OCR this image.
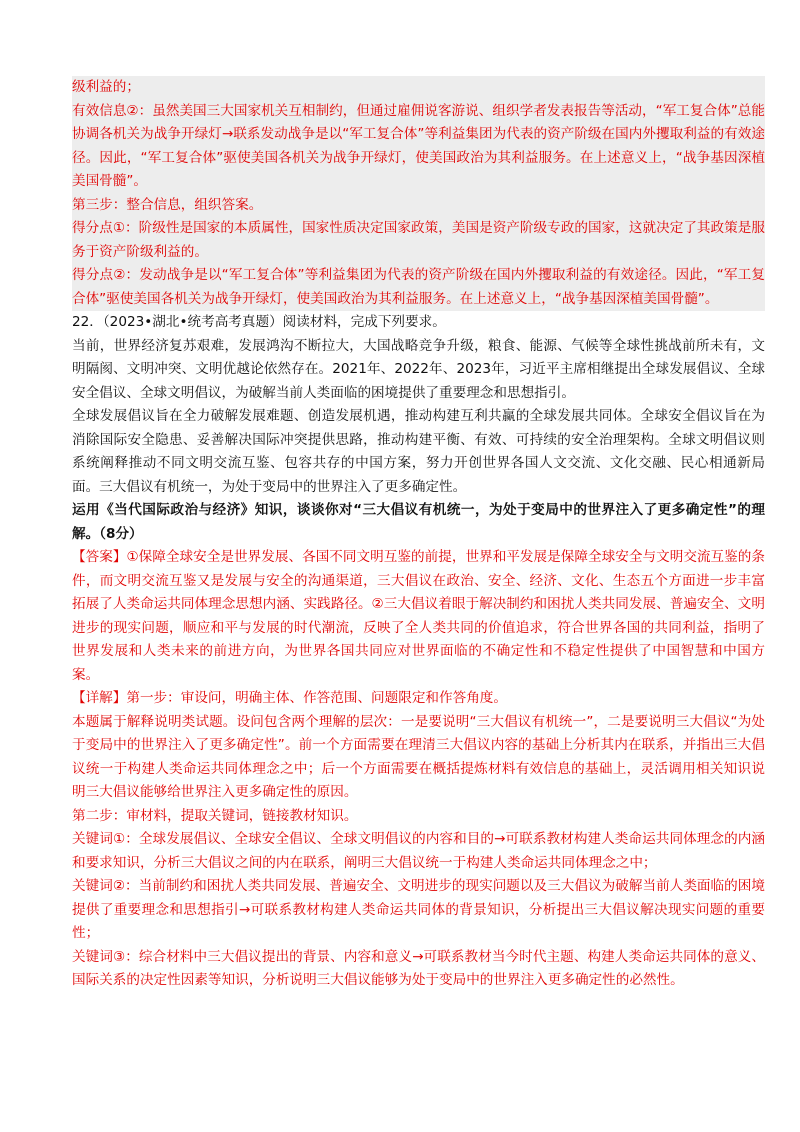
级利益的；

有效信息②：虽然美国三大国家机关互相制约，但通过雇佣说客游说、组织学者发表报告等活动，“军工复合体”总能协调各机关为战争开绿灯→联系发动战争是以“军工复合体”等利益集团为代表的资产阶级在国内外攫取利益的有效途径。因此，“军工复合体”驱使美国各机关为战争开绿灯，使美国政治为其利益服务。在上述意义上，“战争基因深植美国骨髓”。

第三步：整合信息，组织答案。

得分点①：阶级性是国家的本质属性，国家性质决定国家政策，美国是资产阶级专政的国家，这就决定了其政策是服务于资产阶级利益的。

得分点②：发动战争是以“军工复合体”等利益集团为代表的资产阶级在国内外攫取利益的有效途径。因此，“军工复合体”驱使美国各机关为战争开绿灯，使美国政治为其利益服务。在上述意义上，“战争基因深植美国骨髓”。

22．（2023•湖北•统考高考真题）阅读材料，完成下列要求。

当前，世界经济复苏艰难，发展鸿沟不断拉大，大国战略竞争升级，粮食、能源、气候等全球性挑战前所未有，文明隔阂、文明冲突、文明优越论依然存在。2021年、2022年、2023年，习近平主席相继提出全球发展倡议、全球安全倡议、全球文明倡议，为破解当前人类面临的困境提供了重要理念和思想指引。

全球发展倡议旨在全力破解发展难题、创造发展机遇，推动构建互利共赢的全球发展共同体。全球安全倡议旨在为消除国际安全隐患、妥善解决国际冲突提供思路，推动构建平衡、有效、可持续的安全治理架构。全球文明倡议则系统阐释推动不同文明交流互鉴、包容共存的中国方案，努力开创世界各国人文交流、文化交融、民心相通新局面。三大倡议有机统一，为处于变局中的世界注入了更多确定性。

运用《当代国际政治与经济》知识，谈谈你对“三大倡议有机统一，为处于变局中的世界注入了更多确定性”的理解。（8分）

【答案】①保障全球安全是世界发展、各国不同文明互鉴的前提，世界和平发展是保障全球安全与文明交流互鉴的条件，而文明交流互鉴又是发展与安全的沟通渠道，三大倡议在政治、安全、经济、文化、生态五个方面进一步丰富拓展了人类命运共同体理念思想内涵、实践路径。②三大倡议着眼于解决制约和困扰人类共同发展、普遍安全、文明进步的现实问题，顺应和平与发展的时代潮流，反映了全人类共同的价值追求，符合世界各国的共同利益，指明了世界发展和人类未来的前进方向，为世界各国共同应对世界面临的不确定性和不稳定性提供了中国智慧和中国方案。

【详解】第一步：审设问，明确主体、作答范围、问题限定和作答角度。

本题属于解释说明类试题。设问包含两个理解的层次：一是要说明“三大倡议有机统一”，二是要说明三大倡议“为处于变局中的世界注入了更多确定性”。前一个方面需要在理清三大倡议内容的基础上分析其内在联系，并指出三大倡议统一于构建人类命运共同体理念之中；后一个方面需要在概括提炼材料有效信息的基础上，灵活调用相关知识说明三大倡议能够给世界注入更多确定性的原因。

第二步：审材料，提取关键词，链接教材知识。

关键词①：全球发展倡议、全球安全倡议、全球文明倡议的内容和目的→可联系教材构建人类命运共同体理念的内涵和要求知识，分析三大倡议之间的内在联系，阐明三大倡议统一于构建人类命运共同体理念之中；

关键词②：当前制约和困扰人类共同发展、普遍安全、文明进步的现实问题以及三大倡议为破解当前人类面临的困境提供了重要理念和思想指引→可联系教材构建人类命运共同体的背景知识，分析提出三大倡议解决现实问题的重要性；

关键词③：综合材料中三大倡议提出的背景、内容和意义→可联系教材当今时代主题、构建人类命运共同体的意义、国际关系的决定性因素等知识，分析说明三大倡议能够为处于变局中的世界注入更多确定性的必然性。
